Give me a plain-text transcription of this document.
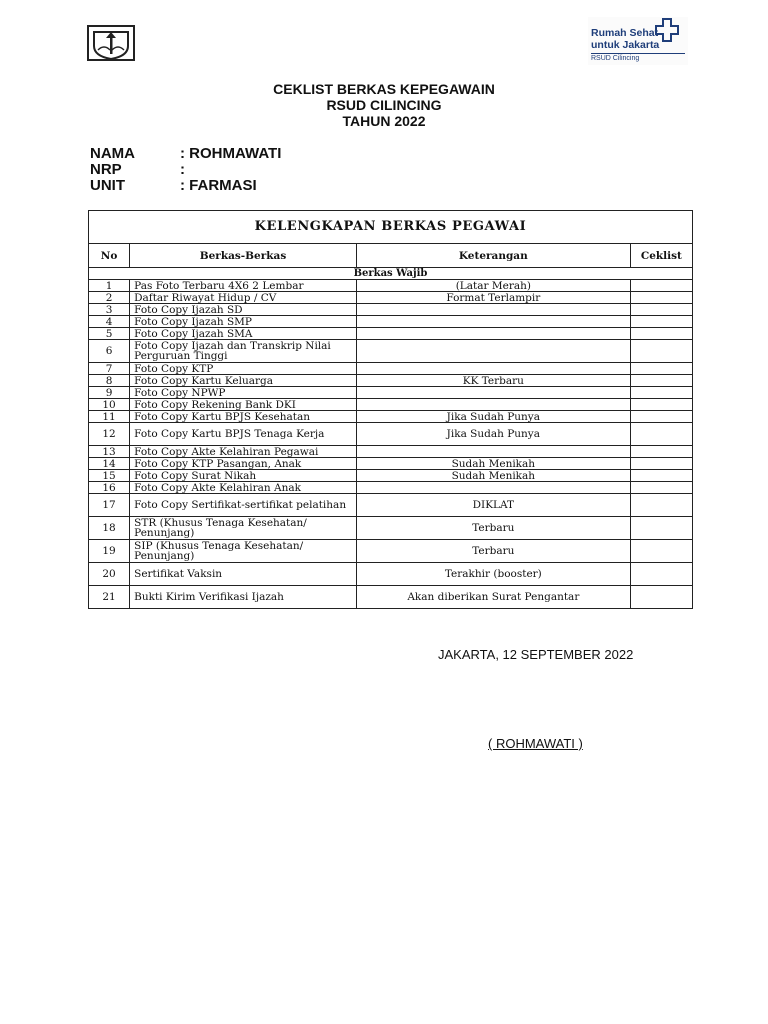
Rumah Sehat
untuk Jakarta
RSUD Cilincing
CEKLIST BERKAS KEPEGAWAIN
RSUD CILINCING
TAHUN 2022
NAMA	: ROHMAWATI
NRP	:
UNIT	: FARMASI
KELENGKAPAN BERKAS PEGAWAI			
No	Berkas-Berkas	Keterangan	Ceklist
Berkas Wajib			
1	Pas Foto Terbaru 4X6 2 Lembar	(Latar Merah)	
2	Daftar Riwayat Hidup / CV	Format Terlampir	
3	Foto Copy Ijazah SD		
4	Foto Copy Ijazah SMP		
5	Foto Copy Ijazah SMA		
6	Foto Copy Ijazah dan Transkrip Nilai Perguruan Tinggi		
7	Foto Copy KTP		
8	Foto Copy Kartu Keluarga	KK Terbaru	
9	Foto Copy NPWP		
10	Foto Copy Rekening Bank DKI		
11	Foto Copy Kartu BPJS Kesehatan	Jika Sudah Punya	
12	Foto Copy Kartu BPJS Tenaga Kerja	Jika Sudah Punya	
13	Foto Copy Akte Kelahiran Pegawai		
14	Foto Copy KTP Pasangan, Anak	Sudah Menikah	
15	Foto Copy Surat Nikah	Sudah Menikah	
16	Foto Copy Akte Kelahiran Anak		
17	Foto Copy Sertifikat-sertifikat pelatihan	DIKLAT	
18	STR (Khusus Tenaga Kesehatan/ Penunjang)	Terbaru	
19	SIP (Khusus Tenaga Kesehatan/ Penunjang)	Terbaru	
20	Sertifikat Vaksin	Terakhir (booster)	
21	Bukti Kirim Verifikasi Ijazah	Akan diberikan Surat Pengantar	
JAKARTA, 12 SEPTEMBER 2022
( ROHMAWATI )
